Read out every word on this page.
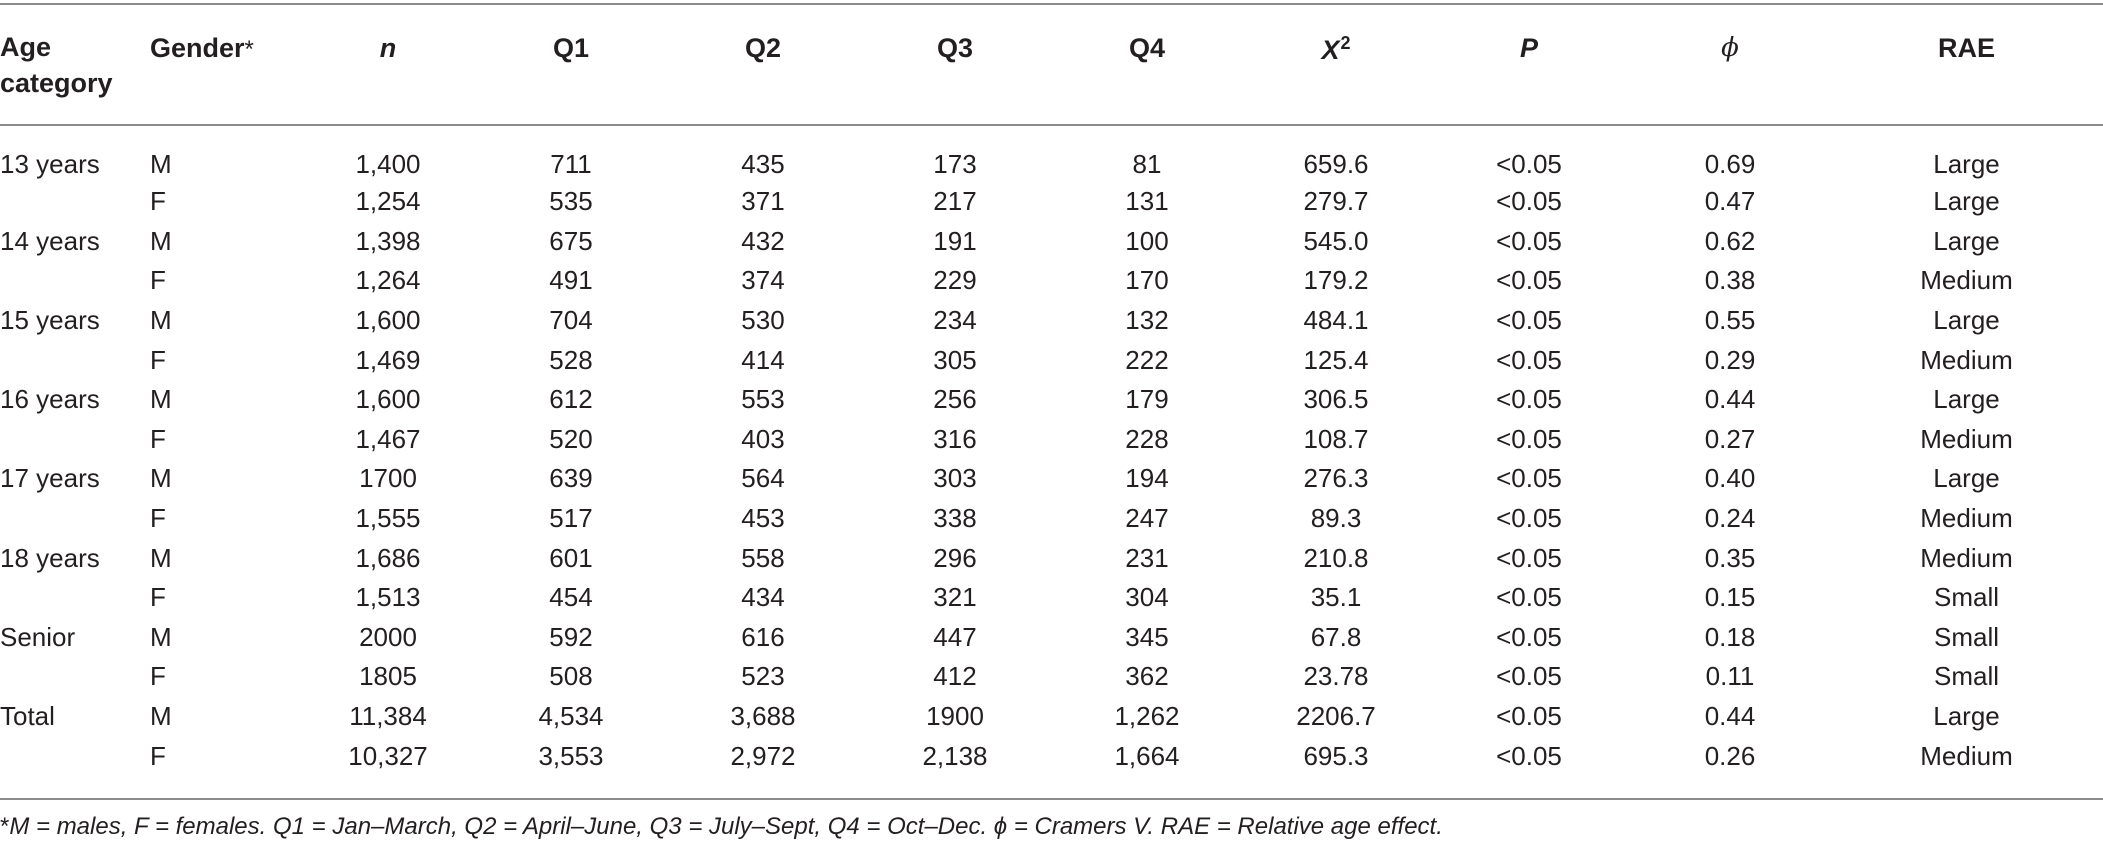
Age
category	Gender*	n	Q1	Q2	Q3	Q4	$X^2$	P	ϕ	RAE
13 years	M	1,400	711	435	173	81	659.6	<0.05	0.69	Large
	F	1,254	535	371	217	131	279.7	<0.05	0.47	Large
14 years	M	1,398	675	432	191	100	545.0	<0.05	0.62	Large
	F	1,264	491	374	229	170	179.2	<0.05	0.38	Medium
15 years	M	1,600	704	530	234	132	484.1	<0.05	0.55	Large
	F	1,469	528	414	305	222	125.4	<0.05	0.29	Medium
16 years	M	1,600	612	553	256	179	306.5	<0.05	0.44	Large
	F	1,467	520	403	316	228	108.7	<0.05	0.27	Medium
17 years	M	1700	639	564	303	194	276.3	<0.05	0.40	Large
	F	1,555	517	453	338	247	89.3	<0.05	0.24	Medium
18 years	M	1,686	601	558	296	231	210.8	<0.05	0.35	Medium
	F	1,513	454	434	321	304	35.1	<0.05	0.15	Small
Senior	M	2000	592	616	447	345	67.8	<0.05	0.18	Small
	F	1805	508	523	412	362	23.78	<0.05	0.11	Small
Total	M	11,384	4,534	3,688	1900	1,262	2206.7	<0.05	0.44	Large
	F	10,327	3,553	2,972	2,138	1,664	695.3	<0.05	0.26	Medium
*M = males, F = females. Q1 = Jan–March, Q2 = April–June, Q3 = July–Sept, Q4 = Oct–Dec. ϕ = Cramers V. RAE = Relative age effect.
